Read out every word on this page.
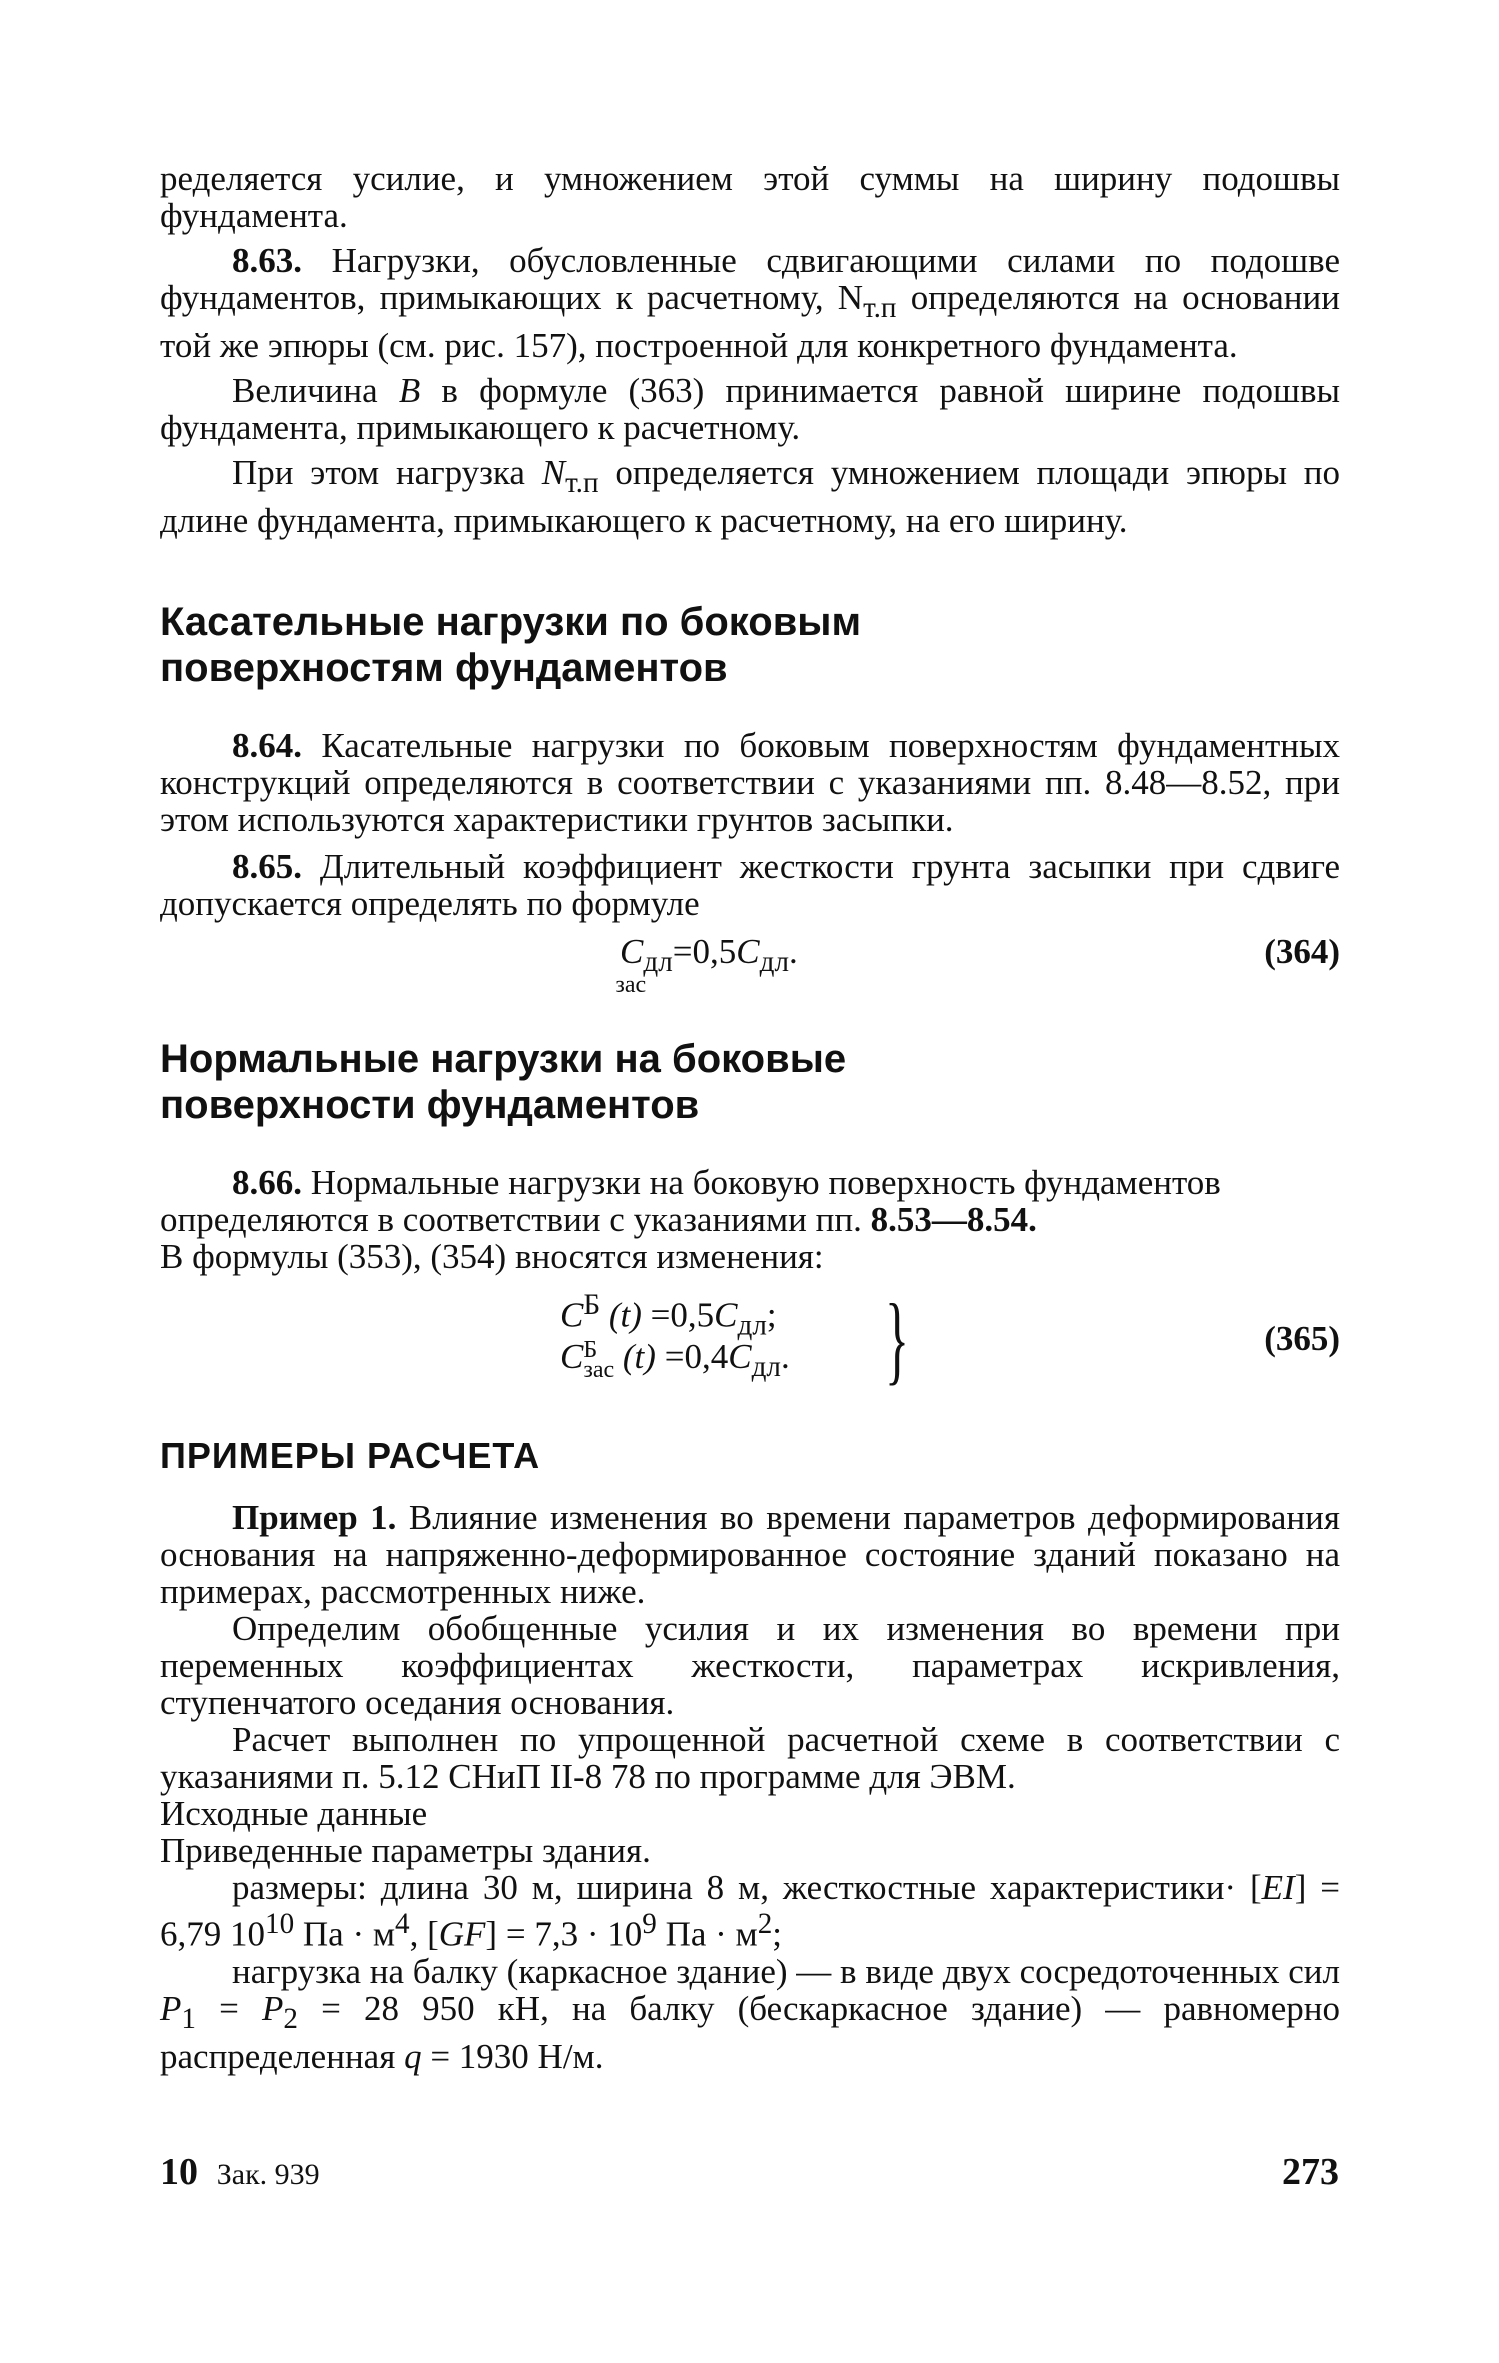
ределяется усилие, и умножением этой суммы на ширину подошвы фундамента.

8.63. Нагрузки, обусловленные сдвигающими силами по подошве фундаментов, примыкающих к расчетному, $N_{т.п}$ определяются на основании той же эпюры (см. рис. 157), построенной для конкретного фундамента.

Величина B в формуле (363) принимается равной ширине подошвы фундамента, примыкающего к расчетному.

При этом нагрузка $N_{т.п}$ определяется умножением площади эпюры по длине фундамента, примыкающего к расчетному, на его ширину.

Касательные нагрузки по боковым

поверхностям фундаментов

8.64. Касательные нагрузки по боковым поверхностям фундаментных конструкций определяются в соответствии с указаниями пп. 8.48—8.52, при этом используются характеристики грунтов засыпки.

8.65. Длительный коэффициент жесткости грунта засыпки при сдвиге допускается определять по формуле

$C_{дл}$
зас
$=0,5C_{дл}$.	(364)

Нормальные нагрузки на боковые

поверхности фундаментов

8.66. Нормальные нагрузки на боковую поверхность фундаментов определяются в соответствии с указаниями пп. 8.53—8.54.
В формулы (353), (354) вносятся изменения:

$C^Б$ $(t) =0,5C_{дл}$;
C Б
зас $(t) =0,4C_{дл}$. }	(365)

ПРИМЕРЫ РАСЧЕТА

Пример 1. Влияние изменения во времени параметров деформирования основания на напряженно-деформированное состояние зданий показано на примерах, рассмотренных ниже.

Определим обобщенные усилия и их изменения во времени при переменных коэффициентах жесткости, параметрах искривления, ступенчатого оседания основания.

Расчет выполнен по упрощенной расчетной схеме в соответствии с указаниями п. 5.12 СНиП II-8 78 по программе для ЭВМ.

Исходные данные

Приведенные параметры здания.

размеры: длина 30 м, ширина 8 м, жесткостные характеристики· [EI] = 6,79 $10^{10}$ Па · $м^4$, $[GF] = 7,3 \cdot 10^9$ Па · $м^2$;

нагрузка на балку (каркасное здание) — в виде двух сосредоточенных сил $P_1 = P_2 = 28$ 950 кН, на балку (бескаркасное здание) — равномерно распределенная q = 1930 Н/м.

10 Зак. 939	273
